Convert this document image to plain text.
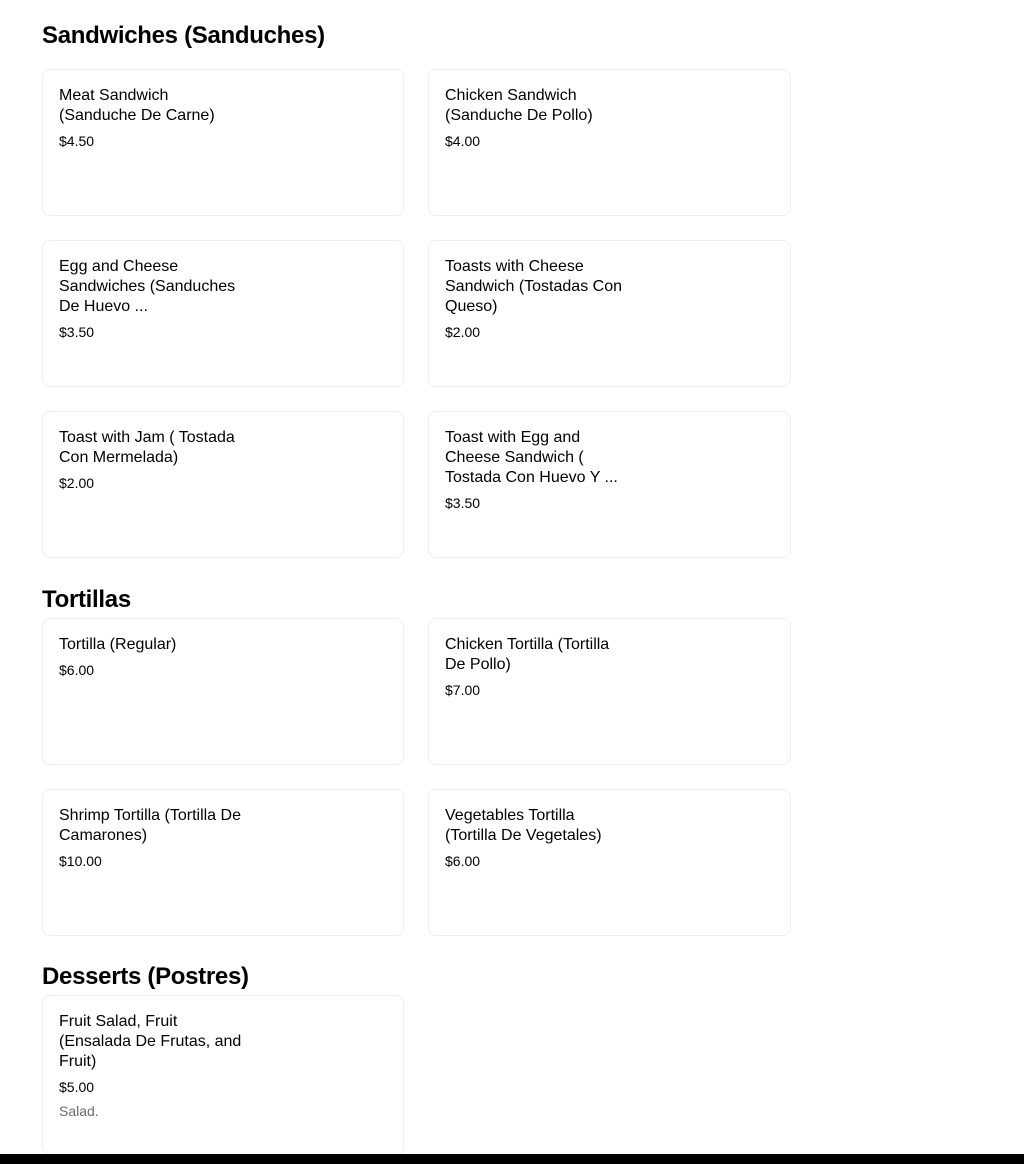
Sandwiches (Sanduches)
Meat Sandwich (Sanduche De Carne)
$4.50
Chicken Sandwich (Sanduche De Pollo)
$4.00
Egg and Cheese Sandwiches (Sanduches De Huevo ...
$3.50
Toasts with Cheese Sandwich (Tostadas Con Queso)
$2.00
Toast with Jam ( Tostada Con Mermelada)
$2.00
Toast with Egg and Cheese Sandwich ( Tostada Con Huevo Y ...
$3.50
Tortillas
Tortilla (Regular)
$6.00
Chicken Tortilla (Tortilla De Pollo)
$7.00
Shrimp Tortilla (Tortilla De Camarones)
$10.00
Vegetables Tortilla (Tortilla De Vegetales)
$6.00
Desserts (Postres)
Fruit Salad, Fruit (Ensalada De Frutas, and Fruit)
$5.00
Salad.
